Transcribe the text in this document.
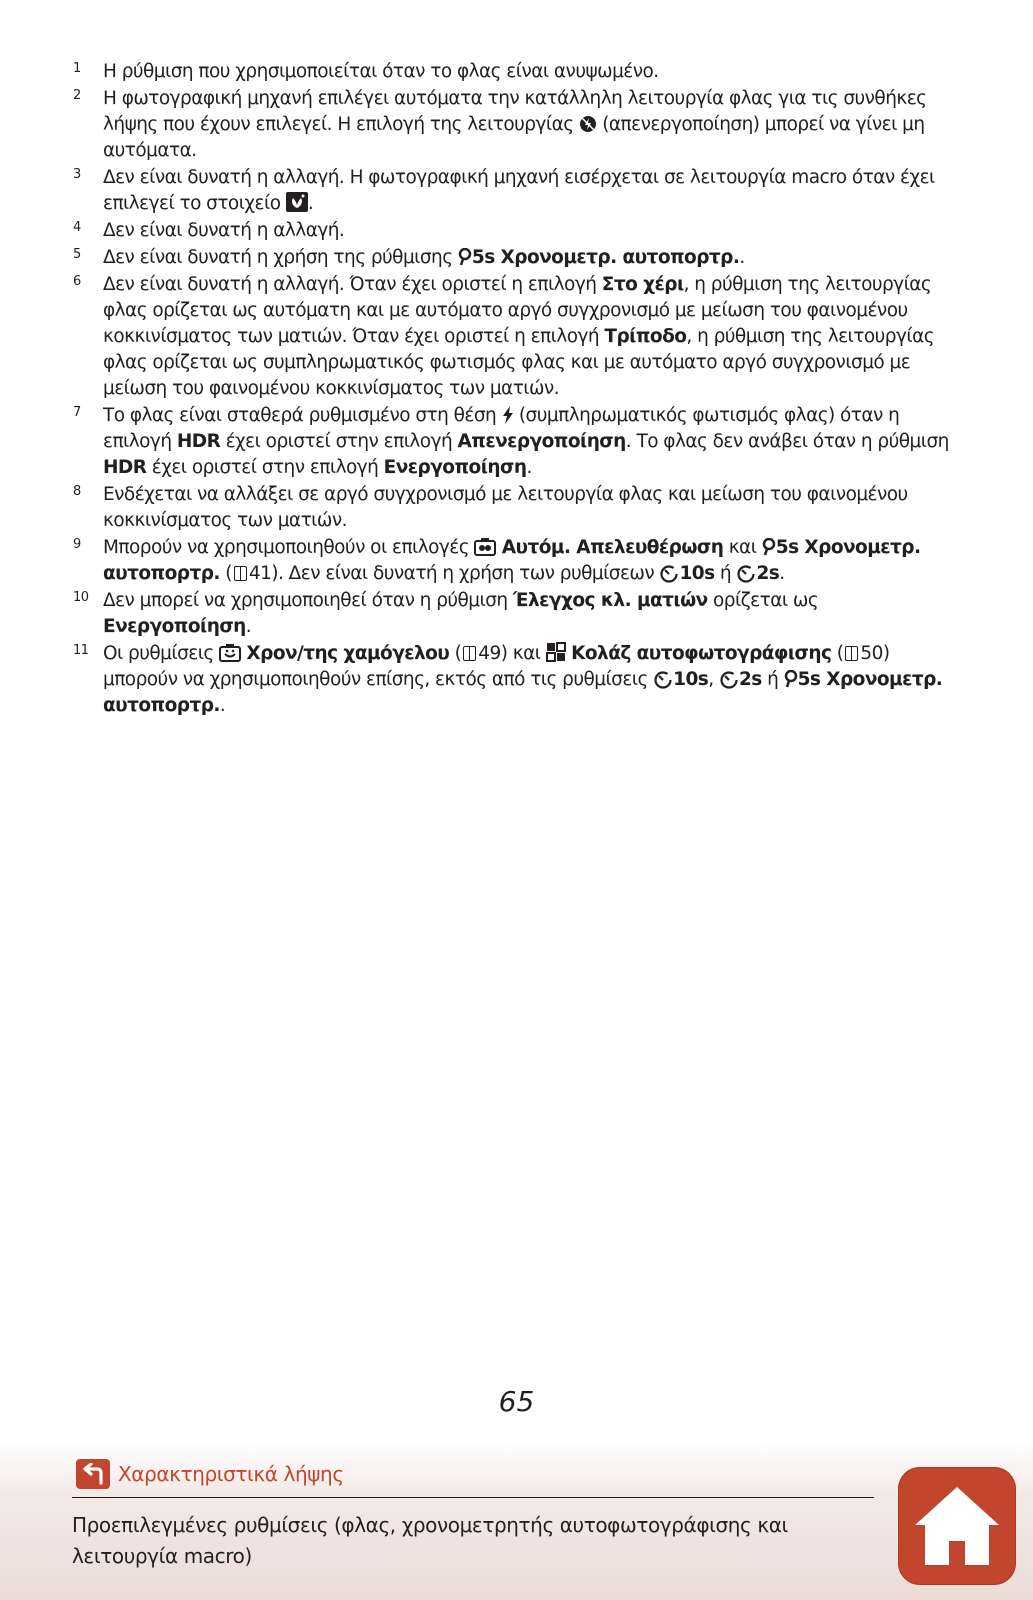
1 Η ρύθμιση που χρησιμοποιείται όταν το φλας είναι ανυψωμένο.
2 Η φωτογραφική μηχανή επιλέγει αυτόματα την κατάλληλη λειτουργία φλας για τις συνθήκες λήψης που έχουν επιλεγεί. Η επιλογή της λειτουργίας  (απενεργοποίηση) μπορεί να γίνει μη αυτόματα.
3 Δεν είναι δυνατή η αλλαγή. Η φωτογραφική μηχανή εισέρχεται σε λειτουργία macro όταν έχει επιλεγεί το στοιχείο .
4 Δεν είναι δυνατή η αλλαγή.
5 Δεν είναι δυνατή η χρήση της ρύθμισης 5s Χρονομετρ. αυτοπορτρ..
6 Δεν είναι δυνατή η αλλαγή. Όταν έχει οριστεί η επιλογή Στο χέρι, η ρύθμιση της λειτουργίας φλας ορίζεται ως αυτόματη και με αυτόματο αργό συγχρονισμό με μείωση του φαινομένου κοκκινίσματος των ματιών. Όταν έχει οριστεί η επιλογή Τρίποδο, η ρύθμιση της λειτουργίας φλας ορίζεται ως συμπληρωματικός φωτισμός φλας και με αυτόματο αργό συγχρονισμό με μείωση του φαινομένου κοκκινίσματος των ματιών.
7 Το φλας είναι σταθερά ρυθμισμένο στη θέση  (συμπληρωματικός φωτισμός φλας) όταν η επιλογή HDR έχει οριστεί στην επιλογή Απενεργοποίηση. Το φλας δεν ανάβει όταν η ρύθμιση HDR έχει οριστεί στην επιλογή Ενεργοποίηση.
8 Ενδέχεται να αλλάξει σε αργό συγχρονισμό με λειτουργία φλας και μείωση του φαινομένου κοκκινίσματος των ματιών.
9 Μπορούν να χρησιμοποιηθούν οι επιλογές  Αυτόμ. Απελευθέρωση και 5s Χρονομετρ. αυτοπορτρ. ( 41). Δεν είναι δυνατή η χρήση των ρυθμίσεων 10s ή 2s.
10 Δεν μπορεί να χρησιμοποιηθεί όταν η ρύθμιση Έλεγχος κλ. ματιών ορίζεται ως Ενεργοποίηση.
11 Οι ρυθμίσεις  Χρον/της χαμόγελου ( 49) και  Κολάζ αυτοφωτογράφισης ( 50) μπορούν να χρησιμοποιηθούν επίσης, εκτός από τις ρυθμίσεις 10s, 2s ή 5s Χρονομετρ. αυτοπορτρ..
65
Χαρακτηριστικά λήψης
Προεπιλεγμένες ρυθμίσεις (φλας, χρονομετρητής αυτοφωτογράφισης και λειτουργία macro)
